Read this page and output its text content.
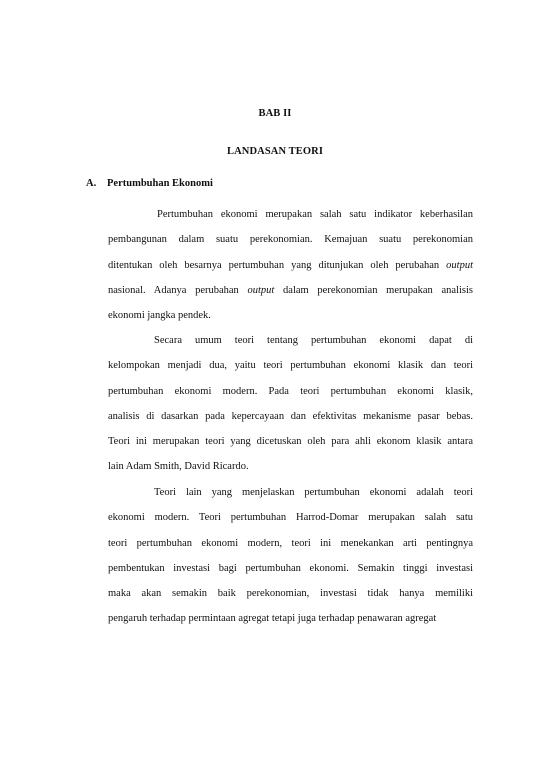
BAB II
LANDASAN TEORI
A. Pertumbuhan Ekonomi
Pertumbuhan ekonomi merupakan salah satu indikator keberhasilan
pembangunan dalam suatu perekonomian. Kemajuan suatu perekonomian
ditentukan oleh besarnya pertumbuhan yang ditunjukan oleh perubahan output
nasional. Adanya perubahan output dalam perekonomian merupakan analisis
ekonomi jangka pendek.
Secara umum teori tentang pertumbuhan ekonomi dapat di
kelompokan menjadi dua, yaitu teori pertumbuhan ekonomi klasik dan teori
pertumbuhan ekonomi modern. Pada teori pertumbuhan ekonomi klasik,
analisis di dasarkan pada kepercayaan dan efektivitas mekanisme pasar bebas.
Teori ini merupakan teori yang dicetuskan oleh para ahli ekonom klasik antara
lain Adam Smith, David Ricardo.
Teori lain yang menjelaskan pertumbuhan ekonomi adalah teori
ekonomi modern. Teori pertumbuhan Harrod-Domar merupakan salah satu
teori pertumbuhan ekonomi modern, teori ini menekankan arti pentingnya
pembentukan investasi bagi pertumbuhan ekonomi. Semakin tinggi investasi
maka akan semakin baik perekonomian, investasi tidak hanya memiliki
pengaruh terhadap permintaan agregat tetapi juga terhadap penawaran agregat
